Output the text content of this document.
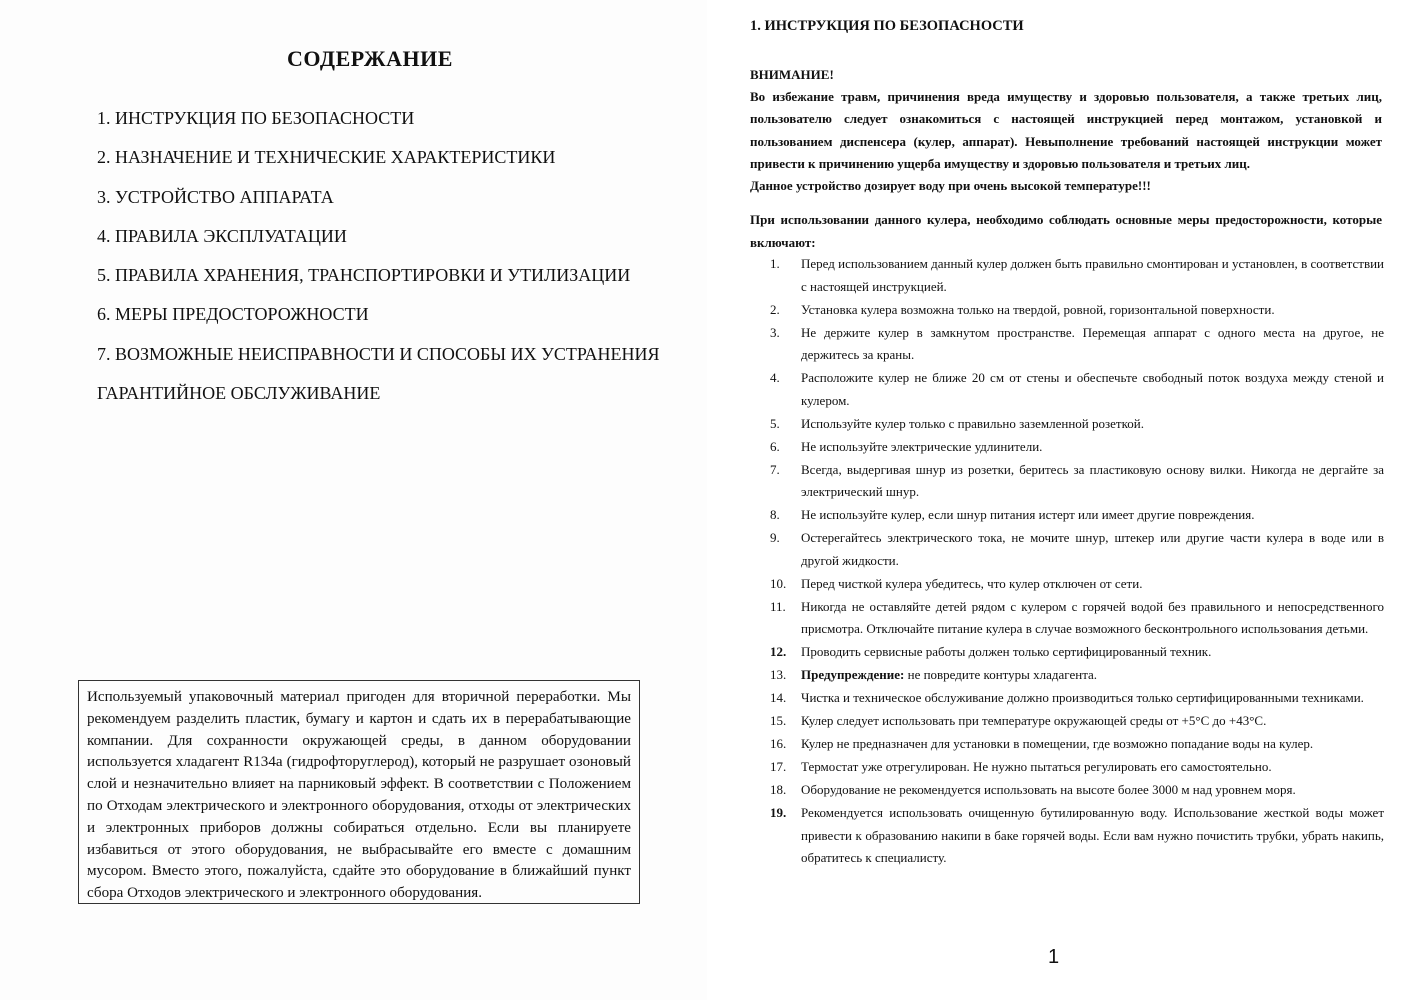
СОДЕРЖАНИЕ
1. ИНСТРУКЦИЯ ПО БЕЗОПАСНОСТИ
2. НАЗНАЧЕНИЕ И ТЕХНИЧЕСКИЕ ХАРАКТЕРИСТИКИ
3. УСТРОЙСТВО АППАРАТА
4. ПРАВИЛА ЭКСПЛУАТАЦИИ
5. ПРАВИЛА ХРАНЕНИЯ, ТРАНСПОРТИРОВКИ И УТИЛИЗАЦИИ
6. МЕРЫ ПРЕДОСТОРОЖНОСТИ
7. ВОЗМОЖНЫЕ НЕИСПРАВНОСТИ И СПОСОБЫ ИХ УСТРАНЕНИЯ
ГАРАНТИЙНОЕ ОБСЛУЖИВАНИЕ
Используемый упаковочный материал пригоден для вторичной переработки. Мы рекомендуем разделить пластик, бумагу и картон и сдать их в перерабатывающие компании. Для сохранности окружающей среды, в данном оборудовании используется хладагент R134a (гидрофторуглерод), который не разрушает озоновый слой и незначительно влияет на парниковый эффект. В соответствии с Положением по Отходам электрического и электронного оборудования, отходы от электрических и электронных приборов должны собираться отдельно. Если вы планируете избавиться от этого оборудования, не выбрасывайте его вместе с домашним мусором. Вместо этого, пожалуйста, сдайте это оборудование в ближайший пункт сбора Отходов электрического и электронного оборудования.
1. ИНСТРУКЦИЯ ПО БЕЗОПАСНОСТИ

ВНИМАНИЕ!

Во избежание травм, причинения вреда имуществу и здоровью пользователя, а также третьих лиц, пользователю следует ознакомиться с настоящей инструкцией перед монтажом, установкой и пользованием диспенсера (кулер, аппарат). Невыполнение требований настоящей инструкции может привести к причинению ущерба имуществу и здоровью пользователя и третьих лиц.

Данное устройство дозирует воду при очень высокой температуре!!!

При использовании данного кулера, необходимо соблюдать основные меры предосторожности, которые включают:
1.	Перед использованием данный кулер должен быть правильно смонтирован и установлен, в соответствии с настоящей инструкцией.
2.	Установка кулера возможна только на твердой, ровной, горизонтальной поверхности.
3.	Не держите кулер в замкнутом пространстве. Перемещая аппарат с одного места на другое, не держитесь за краны.
4.	Расположите кулер не ближе 20 см от стены и обеспечьте свободный поток воздуха между стеной и кулером.
5.	Используйте кулер только с правильно заземленной розеткой.
6.	Не используйте электрические удлинители.
7.	Всегда, выдергивая шнур из розетки, беритесь за пластиковую основу вилки. Никогда не дергайте за электрический шнур.
8.	Не используйте кулер, если шнур питания истерт или имеет другие повреждения.
9.	Остерегайтесь электрического тока, не мочите шнур, штекер или другие части кулера в воде или в другой жидкости.
10.	Перед чисткой кулера убедитесь, что кулер отключен от сети.
11.	Никогда не оставляйте детей рядом с кулером с горячей водой без правильного и непосредственного присмотра. Отключайте питание кулера в случае возможного бесконтрольного использования детьми.
12.	Проводить сервисные работы должен только сертифицированный техник.
13.	Предупреждение: не повредите контуры хладагента.
14.	Чистка и техническое обслуживание должно производиться только сертифицированными техниками.
15.	Кулер следует использовать при температуре окружающей среды от +5°С до +43°С.
16.	Кулер не предназначен для установки в помещении, где возможно попадание воды на кулер.
17.	Термостат уже отрегулирован. Не нужно пытаться регулировать его самостоятельно.
18.	Оборудование не рекомендуется использовать на высоте более 3000 м над уровнем моря.
19.	Рекомендуется использовать очищенную бутилированную воду. Использование жесткой воды может привести к образованию накипи в баке горячей воды. Если вам нужно почистить трубки, убрать накипь, обратитесь к специалисту.
1
